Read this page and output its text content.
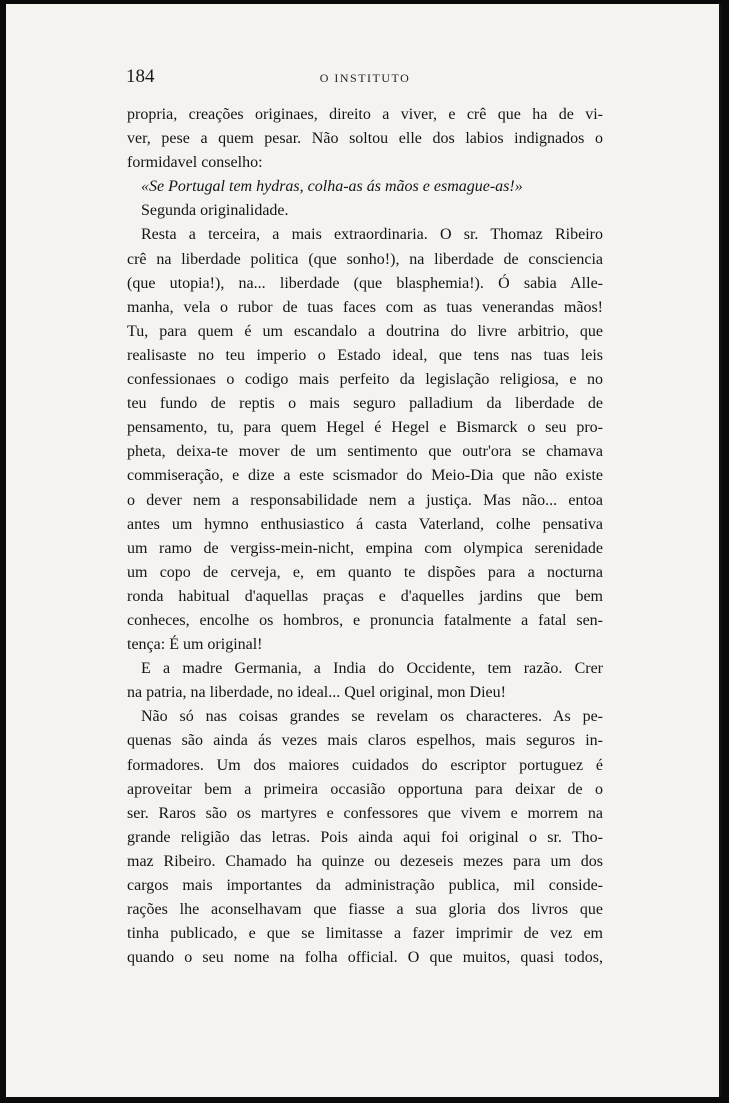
184	O INSTITUTO
propria, creações originaes, direito a viver, e crê que ha de vi-
ver, pese a quem pesar. Não soltou elle dos labios indignados o
formidavel conselho:
«Se Portugal tem hydras, colha-as ás mãos e esmague-as!»
Segunda originalidade.
Resta a terceira, a mais extraordinaria. O sr. Thomaz Ribeiro
crê na liberdade politica (que sonho!), na liberdade de consciencia
(que utopia!), na... liberdade (que blasphemia!). Ó sabia Alle-
manha, vela o rubor de tuas faces com as tuas venerandas mãos!
Tu, para quem é um escandalo a doutrina do livre arbitrio, que
realisaste no teu imperio o Estado ideal, que tens nas tuas leis
confessionaes o codigo mais perfeito da legislação religiosa, e no
teu fundo de reptis o mais seguro palladium da liberdade de
pensamento, tu, para quem Hegel é Hegel e Bismarck o seu pro-
pheta, deixa-te mover de um sentimento que outr'ora se chamava
commiseração, e dize a este scismador do Meio-Dia que não existe
o dever nem a responsabilidade nem a justiça. Mas não... entoa
antes um hymno enthusiastico á casta Vaterland, colhe pensativa
um ramo de vergiss-mein-nicht, empina com olympica serenidade
um copo de cerveja, e, em quanto te dispões para a nocturna
ronda habitual d'aquellas praças e d'aquelles jardins que bem
conheces, encolhe os hombros, e pronuncia fatalmente a fatal sen-
tença: É um original!
E a madre Germania, a India do Occidente, tem razão. Crer
na patria, na liberdade, no ideal... Quel original, mon Dieu!
Não só nas coisas grandes se revelam os characteres. As pe-
quenas são ainda ás vezes mais claros espelhos, mais seguros in-
formadores. Um dos maiores cuidados do escriptor portuguez é
aproveitar bem a primeira occasião opportuna para deixar de o
ser. Raros são os martyres e confessores que vivem e morrem na
grande religião das letras. Pois ainda aqui foi original o sr. Tho-
maz Ribeiro. Chamado ha quinze ou dezeseis mezes para um dos
cargos mais importantes da administração publica, mil conside-
rações lhe aconselhavam que fiasse a sua gloria dos livros que
tinha publicado, e que se limitasse a fazer imprimir de vez em
quando o seu nome na folha official. O que muitos, quasi todos,
